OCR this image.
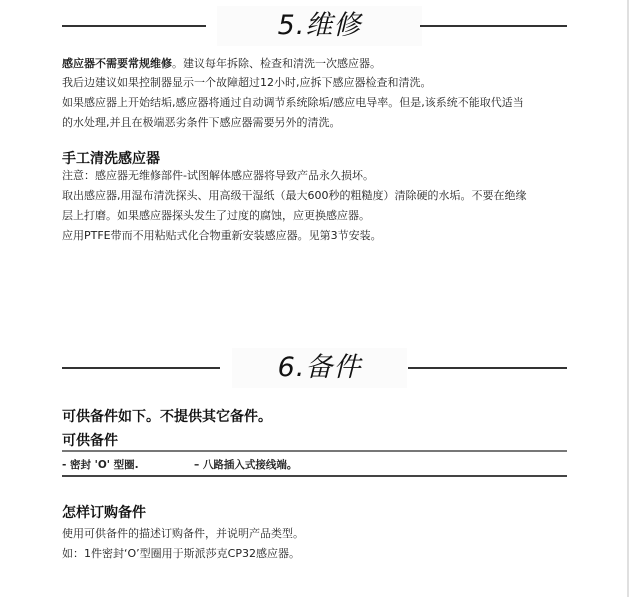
5.维修

感应器不需要常规维修。建议每年拆除、检查和清洗一次感应器。

我后边建议如果控制器显示一个故障超过12小时,应拆下感应器检查和清洗。

如果感应器上开始结垢,感应器将通过自动调节系统除垢/感应电导率。但是,该系统不能取代适当

的水处理,并且在极端恶劣条件下感应器需要另外的清洗。

手工清洗感应器

注意：感应器无维修部件-试图解体感应器将导致产品永久损坏。

取出感应器,用湿布清洗探头、用高级干湿纸（最大600秒的粗糙度）清除硬的水垢。不要在绝缘

层上打磨。如果感应器探头发生了过度的腐蚀，应更换感应器。

应用PTFE带而不用粘贴式化合物重新安装感应器。见第3节安装。

6.备件
可供备件如下。不提供其它备件。
可供备件
- 密封 'O' 型圈.	– 八路插入式接线端。
怎样订购备件

使用可供备件的描述订购备件，并说明产品类型。

如：1件密封‘O’型圈用于斯派莎克CP32感应器。
